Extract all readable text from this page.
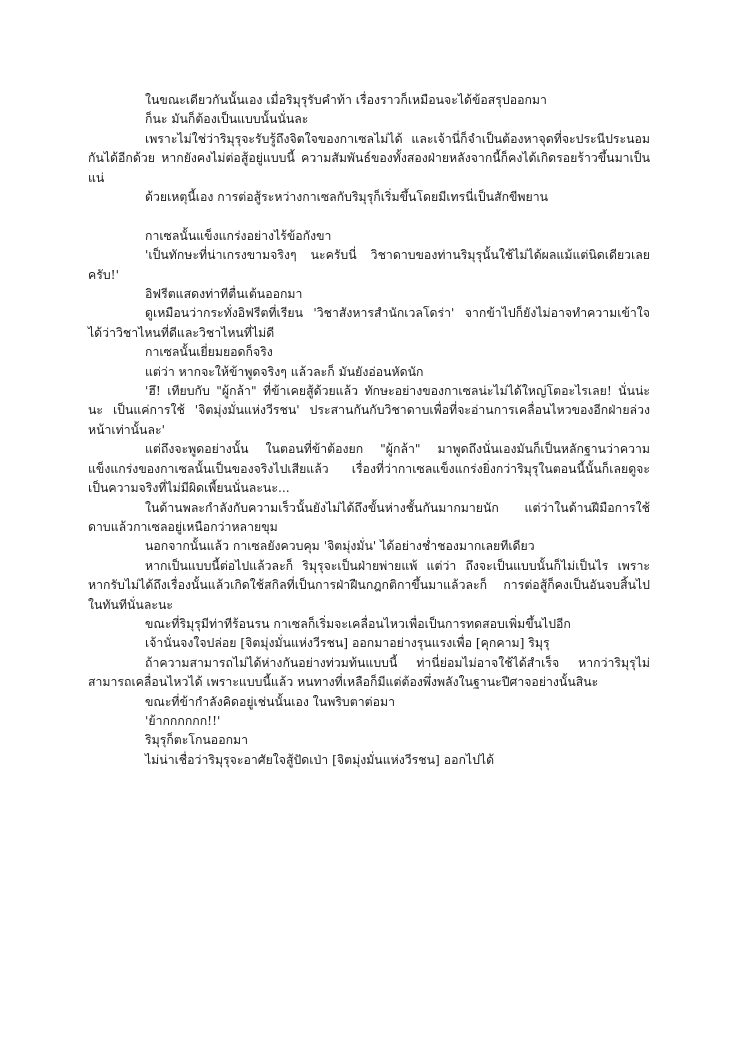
ในขณะเดียวกันนั้นเอง เมื่อริมุรุรับคำท้า เรื่องราวก็เหมือนจะได้ข้อสรุปออกมา

ก็นะ มันก็ต้องเป็นแบบนั้นนั่นละ

เพราะไม่ใช่ว่าริมุรุจะรับรู้ถึงจิตใจของกาเซลไม่ได้ และเจ้านี่ก็จำเป็นต้องหาจุดที่จะประนีประนอมกันได้อีกด้วย หากยังคงไม่ต่อสู้อยู่แบบนี้ ความสัมพันธ์ของทั้งสองฝ่ายหลังจากนี้ก็คงได้เกิดรอยร้าวขึ้นมาเป็นแน่

ด้วยเหตุนี้เอง การต่อสู้ระหว่างกาเซลกับริมุรุก็เริ่มขึ้นโดยมีเทรนี่เป็นสักขีพยาน

กาเซลนั้นแข็งแกร่งอย่างไร้ข้อกังขา

'เป็นทักษะที่น่าเกรงขามจริงๆ นะครับนี่ วิชาดาบของท่านริมุรุนั้นใช้ไม่ได้ผลแม้แต่นิดเดียวเลยครับ!'

อิฟรีตแสดงท่าทีตื่นเต้นออกมา

ดูเหมือนว่ากระทั่งอิฟรีตที่เรียน 'วิชาสังหารสำนักเวลโดร่า' จากข้าไปก็ยังไม่อาจทำความเข้าใจได้ว่าวิชาไหนที่ดีและวิชาไหนที่ไม่ดี

กาเซลนั้นเยี่ยมยอดก็จริง

แต่ว่า หากจะให้ข้าพูดจริงๆ แล้วละก็ มันยังอ่อนหัดนัก

'ฮึ! เทียบกับ "ผู้กล้า" ที่ข้าเคยสู้ด้วยแล้ว ทักษะอย่างของกาเซลน่ะไม่ได้ใหญ่โตอะไรเลย! นั่นน่ะนะ เป็นแค่การใช้ 'จิตมุ่งมั่นแห่งวีรชน' ประสานกันกับวิชาดาบเพื่อที่จะอ่านการเคลื่อนไหวของอีกฝ่ายล่วงหน้าเท่านั้นละ'

แต่ถึงจะพูดอย่างนั้น ในตอนที่ข้าต้องยก "ผู้กล้า" มาพูดถึงนั่นเองมันก็เป็นหลักฐานว่าความแข็งแกร่งของกาเซลนั้นเป็นของจริงไปเสียแล้ว เรื่องที่ว่ากาเซลแข็งแกร่งยิ่งกว่าริมุรุในตอนนี้นั้นก็เลยดูจะเป็นความจริงที่ไม่มีผิดเพี้ยนนั่นละนะ...

ในด้านพละกำลังกับความเร็วนั้นยังไม่ได้ถึงขั้นห่างชั้นกันมากมายนัก แต่ว่าในด้านฝีมือการใช้ดาบแล้วกาเซลอยู่เหนือกว่าหลายขุม

นอกจากนั้นแล้ว กาเซลยังควบคุม 'จิตมุ่งมั่น' ได้อย่างช่ำชองมากเลยทีเดียว

หากเป็นแบบนี้ต่อไปแล้วละก็ ริมุรุจะเป็นฝ่ายพ่ายแพ้ แต่ว่า ถึงจะเป็นแบบนั้นก็ไม่เป็นไร เพราะหากรับไม่ได้ถึงเรื่องนั้นแล้วเกิดใช้สกิลที่เป็นการฝ่าฝืนกฎกติกาขึ้นมาแล้วละก็ การต่อสู้ก็คงเป็นอันจบสิ้นไปในทันทีนั่นละนะ

ขณะที่ริมุรุมีท่าทีร้อนรน กาเซลก็เริ่มจะเคลื่อนไหวเพื่อเป็นการทดสอบเพิ่มขึ้นไปอีก

เจ้านั่นจงใจปล่อย [จิตมุ่งมั่นแห่งวีรชน] ออกมาอย่างรุนแรงเพื่อ [คุกคาม] ริมุรุ

ถ้าความสามารถไม่ได้ห่างกันอย่างท่วมท้นแบบนี้ ท่านี่ย่อมไม่อาจใช้ได้สำเร็จ หากว่าริมุรุไม่สามารถเคลื่อนไหวได้ เพราะแบบนี้แล้ว หนทางที่เหลือก็มีแต่ต้องพึ่งพลังในฐานะปีศาจอย่างนั้นสินะ

ขณะที่ข้ากำลังคิดอยู่เช่นนั้นเอง ในพริบตาต่อมา

'ย้ากกกกกก!!'

ริมุรุก็ตะโกนออกมา

ไม่น่าเชื่อว่าริมุรุจะอาศัยใจสู้ปัดเป่า [จิตมุ่งมั่นแห่งวีรชน] ออกไปได้
